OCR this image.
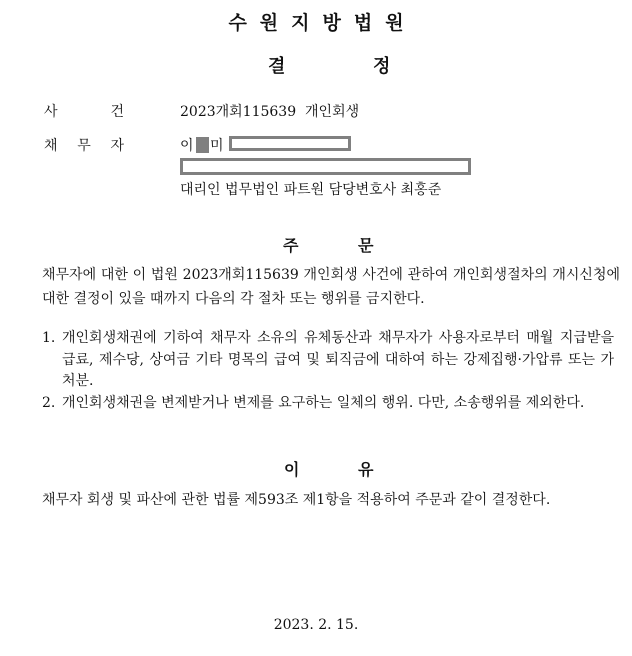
수원지방법원
결	정
사	건	2023개회115639  개인회생
채 무 자	이 미
대리인 법무법인 파트원 담당변호사 최홍준
주	문

채무자에 대한 이 법원 2023개회115639 개인회생 사건에 관하여 개인회생절차의 개시신청에 대한 결정이 있을 때까지 다음의 각 절차 또는 행위를 금지한다.

1. 개인회생채권에 기하여 채무자 소유의 유체동산과 채무자가 사용자로부터 매월 지급받을 급료, 제수당, 상여금 기타 명목의 급여 및 퇴직금에 대하여 하는 강제집행·가압류 또는 가처분.
2. 개인회생채권을 변제받거나 변제를 요구하는 일체의 행위. 다만, 소송행위를 제외한다.
이	유

채무자 회생 및 파산에 관한 법률 제593조 제1항을 적용하여 주문과 같이 결정한다.

2023. 2. 15.
